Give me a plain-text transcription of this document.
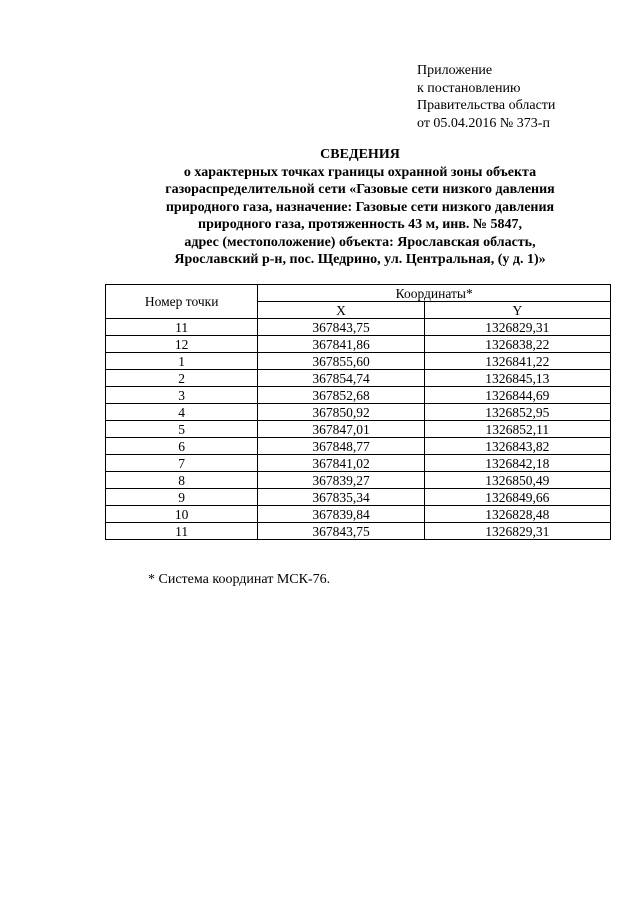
Приложение
к постановлению
Правительства области
от 05.04.2016 № 373-п
СВЕДЕНИЯ
о характерных точках границы охранной зоны объекта
газораспределительной сети «Газовые сети низкого давления
природного газа, назначение: Газовые сети низкого давления
природного газа, протяженность 43 м, инв. № 5847,
адрес (местоположение) объекта: Ярославская область,
Ярославский р-н, пос. Щедрино, ул. Центральная, (у д. 1)»
Номер точки	Координаты*	
	X	Y
11	367843,75	1326829,31
12	367841,86	1326838,22
1	367855,60	1326841,22
2	367854,74	1326845,13
3	367852,68	1326844,69
4	367850,92	1326852,95
5	367847,01	1326852,11
6	367848,77	1326843,82
7	367841,02	1326842,18
8	367839,27	1326850,49
9	367835,34	1326849,66
10	367839,84	1326828,48
11	367843,75	1326829,31
* Система координат МСК-76.
